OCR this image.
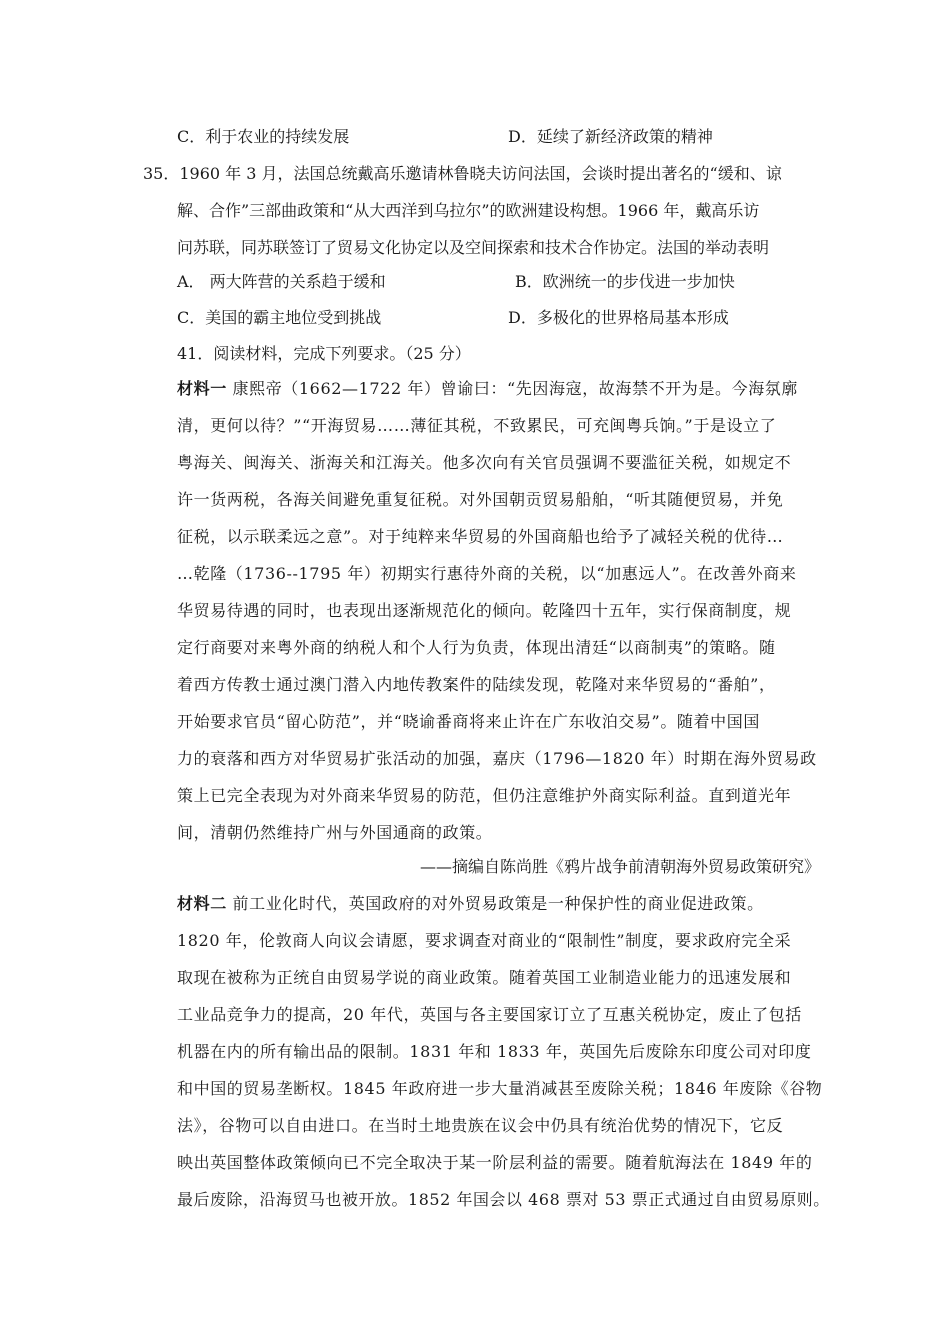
C．利于农业的持续发展	D．延续了新经济政策的精神
35．1960 年 3 月，法国总统戴高乐邀请林鲁晓夫访问法国，会谈时提出著名的“缓和、谅
解、合作”三部曲政策和“从大西洋到乌拉尔”的欧洲建设构想。1966 年，戴高乐访
问苏联，同苏联签订了贸易文化协定以及空间探索和技术合作协定。法国的举动表明
A． 两大阵营的关系趋于缓和	B．欧洲统一的步伐进一步加快
C．美国的霸主地位受到挑战	D．多极化的世界格局基本形成
41．阅读材料，完成下列要求。（25 分）
材料一 康熙帝（1662—1722 年）曾谕曰：“先因海寇，故海禁不开为是。今海氛廓
清，更何以待？”“开海贸易……薄征其税，不致累民，可充闽粤兵饷。”于是设立了
粤海关、闽海关、浙海关和江海关。他多次向有关官员强调不要滥征关税，如规定不
许一货两税，各海关间避免重复征税。对外国朝贡贸易船舶，“听其随便贸易，并免
征税，以示联柔远之意”。对于纯粹来华贸易的外国商船也给予了减轻关税的优待…
…乾隆（1736--1795 年）初期实行惠待外商的关税，以“加惠远人”。在改善外商来
华贸易待遇的同时，也表现出逐渐规范化的倾向。乾隆四十五年，实行保商制度，规
定行商要对来粤外商的纳税人和个人行为负责，体现出清廷“以商制夷”的策略。随
着西方传教士通过澳门潜入内地传教案件的陆续发现，乾隆对来华贸易的“番舶”，
开始要求官员“留心防范”，并“晓谕番商将来止许在广东收泊交易”。随着中国国
力的衰落和西方对华贸易扩张活动的加强，嘉庆（1796—1820 年）时期在海外贸易政
策上已完全表现为对外商来华贸易的防范，但仍注意维护外商实际利益。直到道光年
间，清朝仍然维持广州与外国通商的政策。
——摘编自陈尚胜《鸦片战争前清朝海外贸易政策研究》
材料二 前工业化时代，英国政府的对外贸易政策是一种保护性的商业促进政策。
1820 年，伦敦商人向议会请愿，要求调查对商业的“限制性”制度，要求政府完全采
取现在被称为正统自由贸易学说的商业政策。随着英国工业制造业能力的迅速发展和
工业品竞争力的提高，20 年代，英国与各主要国家订立了互惠关税协定，废止了包括
机器在内的所有输出品的限制。1831 年和 1833 年，英国先后废除东印度公司对印度
和中国的贸易垄断权。1845 年政府进一步大量消减甚至废除关税；1846 年废除《谷物
法》，谷物可以自由进口。在当时土地贵族在议会中仍具有统治优势的情况下，它反
映出英国整体政策倾向已不完全取决于某一阶层利益的需要。随着航海法在 1849 年的
最后废除，沿海贸马也被开放。1852 年国会以 468 票对 53 票正式通过自由贸易原则。
